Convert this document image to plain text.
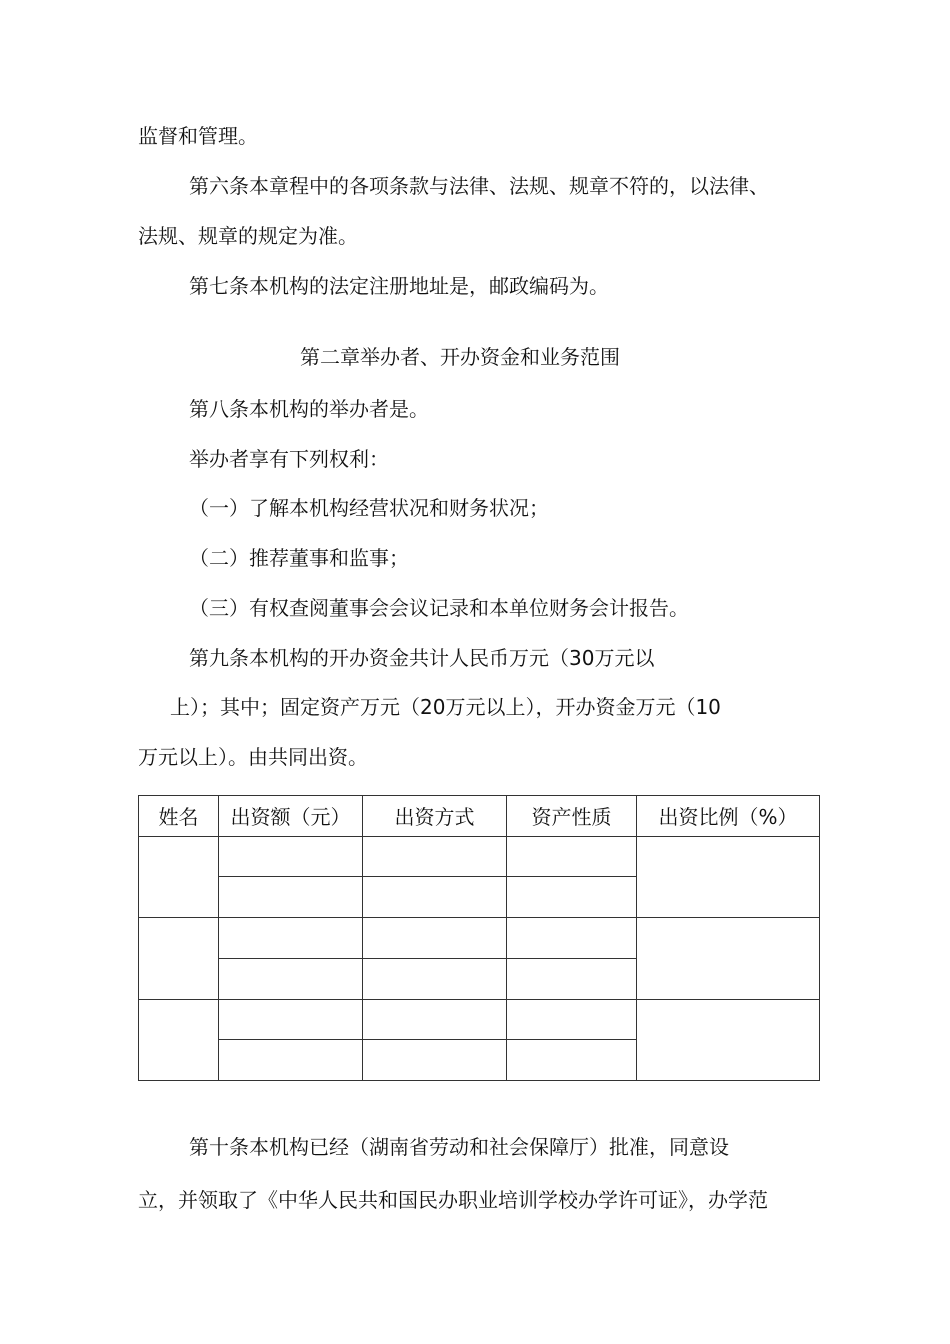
监督和管理。
第六条本章程中的各项条款与法律、法规、规章不符的，以法律、
法规、规章的规定为准。
第七条本机构的法定注册地址是，邮政编码为。
第二章举办者、开办资金和业务范围
第八条本机构的举办者是。
举办者享有下列权利：
（一）了解本机构经营状况和财务状况；
（二）推荐董事和监事；
（三）有权查阅董事会会议记录和本单位财务会计报告。
第九条本机构的开办资金共计人民币万元（30万元以
上）；其中；固定资产万元（20万元以上），开办资金万元（10
万元以上）。由共同出资。
姓名	出资额（元）	出资方式	资产性质	出资比例（%）

第十条本机构已经（湖南省劳动和社会保障厅）批准，同意设
立，并领取了《中华人民共和国民办职业培训学校办学许可证》，办学范
